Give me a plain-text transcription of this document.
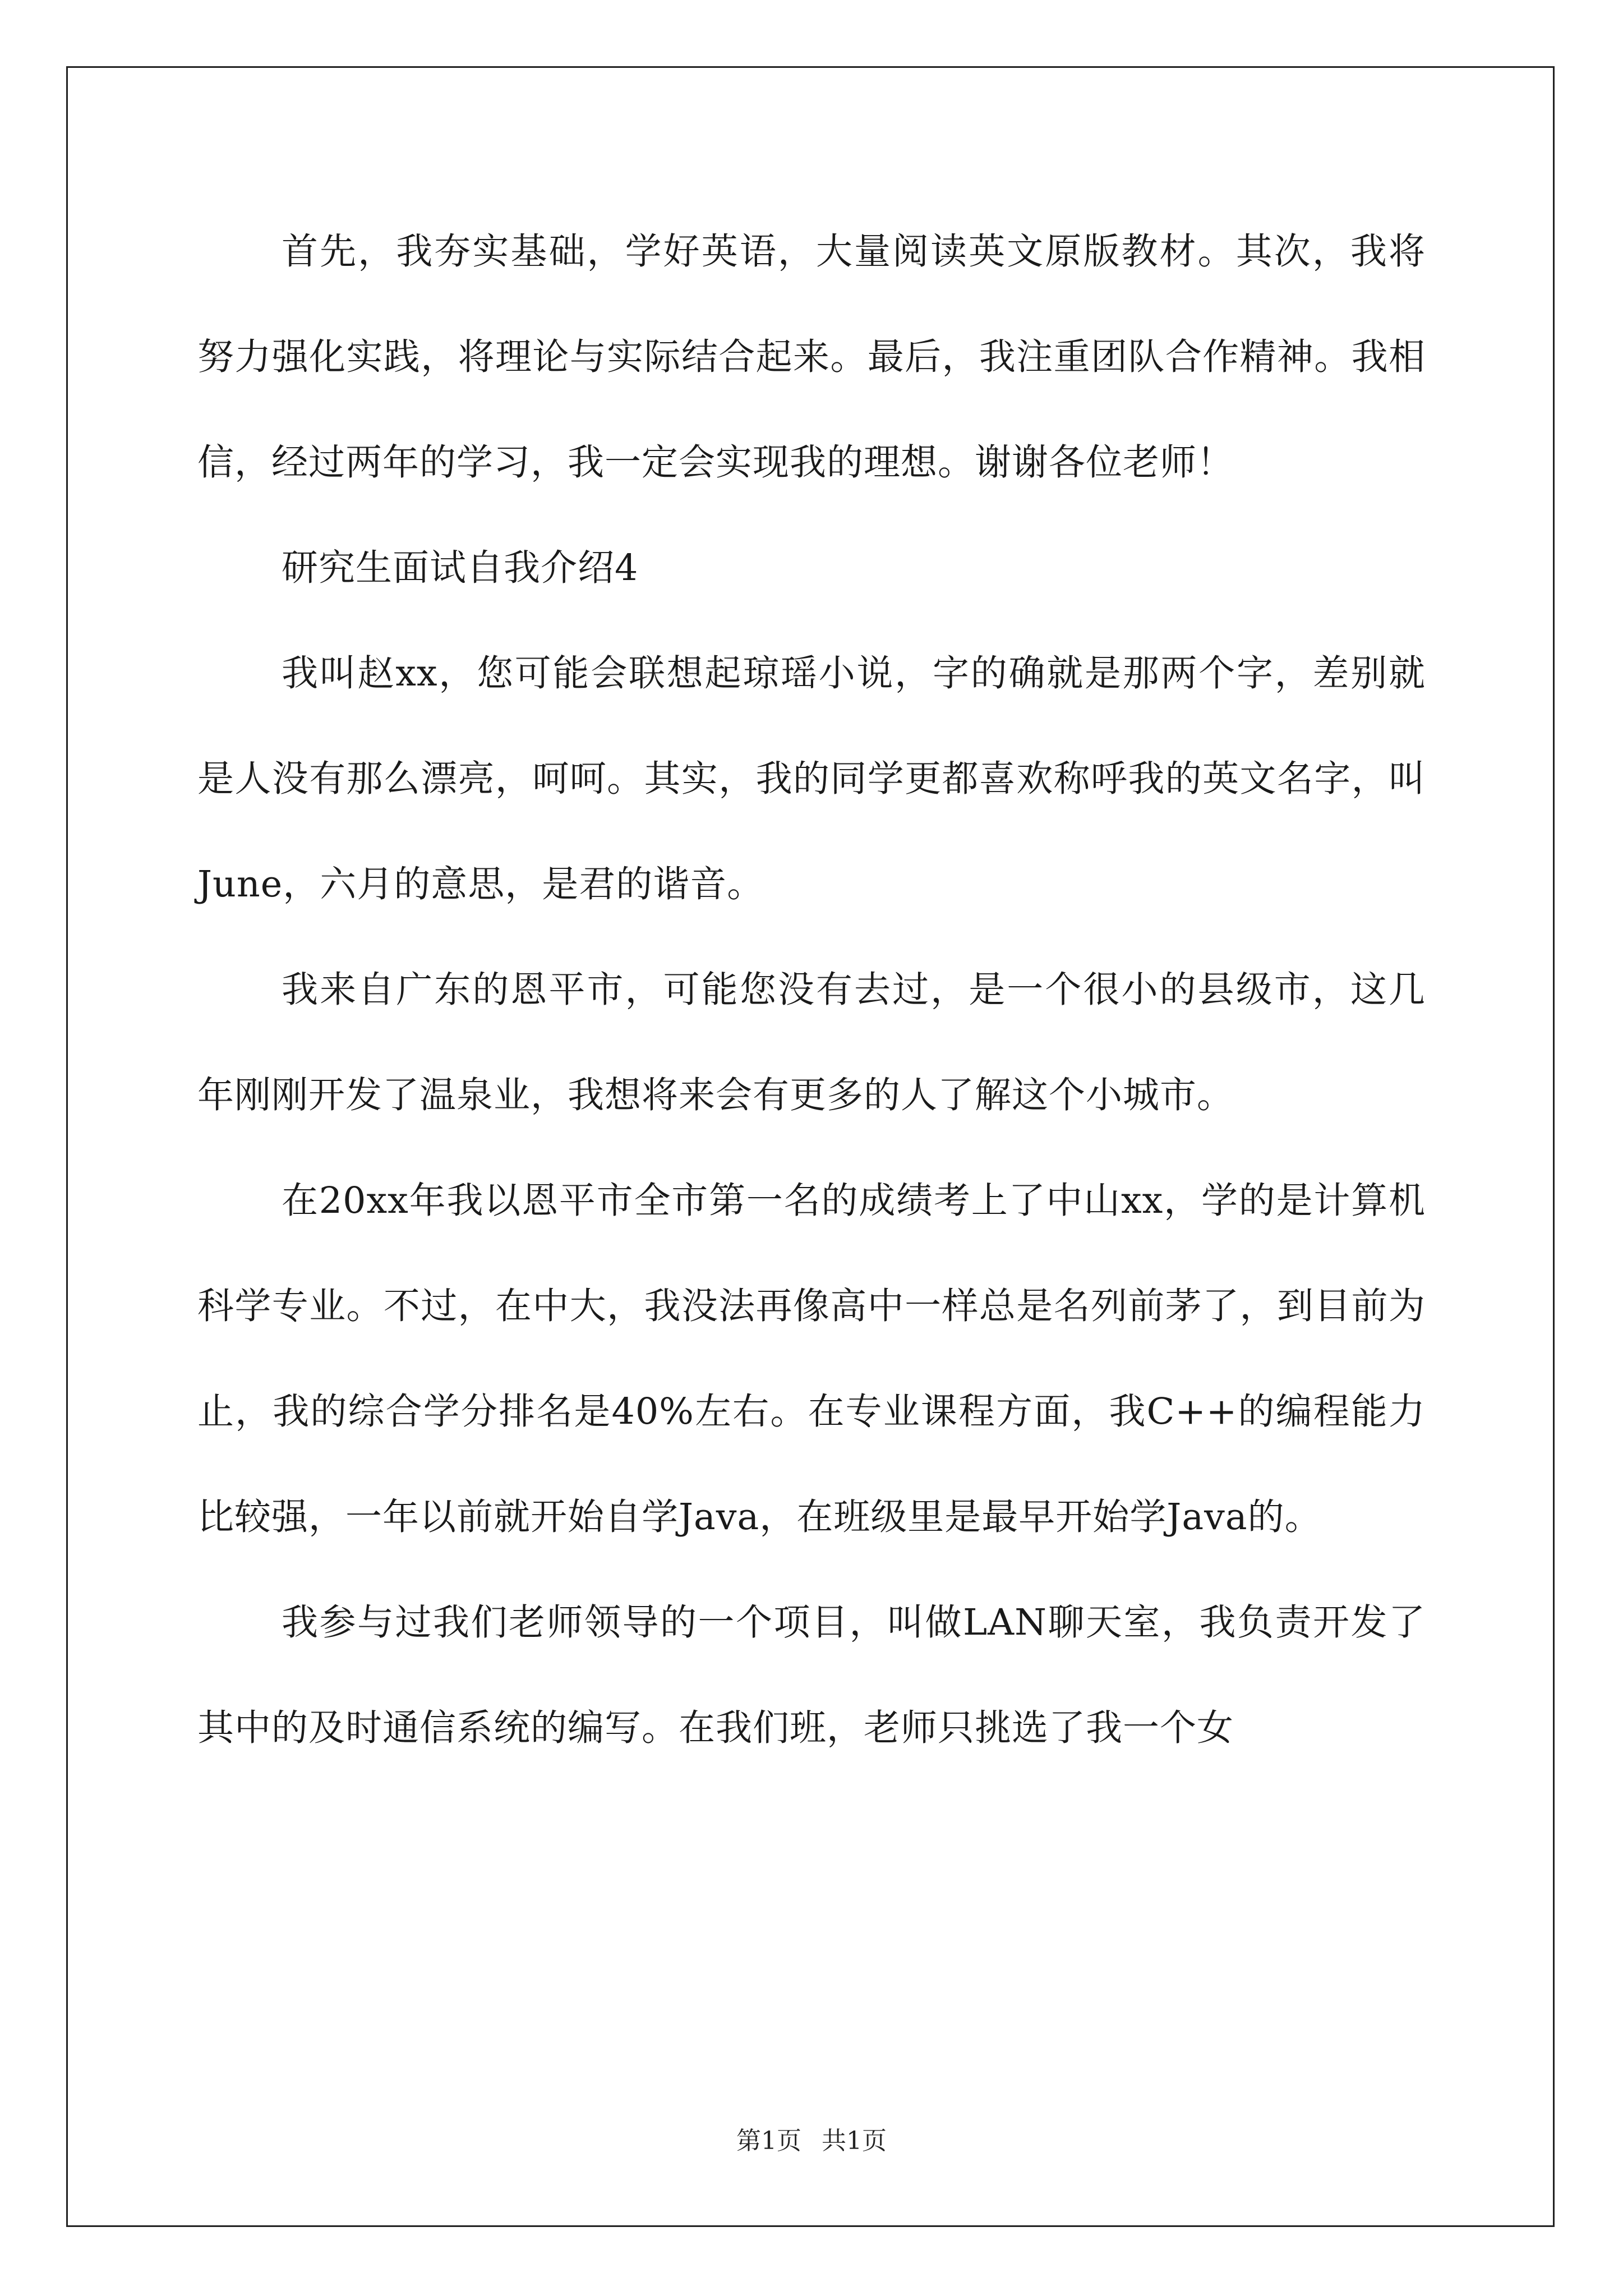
首先，我夯实基础，学好英语，大量阅读英文原版教材。其次，我将努力强化实践，将理论与实际结合起来。最后，我注重团队合作精神。我相信，经过两年的学习，我一定会实现我的理想。谢谢各位老师！

研究生面试自我介绍4

我叫赵xx，您可能会联想起琼瑶小说，字的确就是那两个字，差别就是人没有那么漂亮，呵呵。其实，我的同学更都喜欢称呼我的英文名字，叫June，六月的意思，是君的谐音。

我来自广东的恩平市，可能您没有去过，是一个很小的县级市，这几年刚刚开发了温泉业，我想将来会有更多的人了解这个小城市。

在20xx年我以恩平市全市第一名的成绩考上了中山xx，学的是计算机科学专业。不过，在中大，我没法再像高中一样总是名列前茅了，到目前为止，我的综合学分排名是40%左右。在专业课程方面，我C++的编程能力比较强，一年以前就开始自学Java，在班级里是最早开始学Java的。

我参与过我们老师领导的一个项目，叫做LAN聊天室，我负责开发了其中的及时通信系统的编写。在我们班，老师只挑选了我一个女

第1页 共1页
